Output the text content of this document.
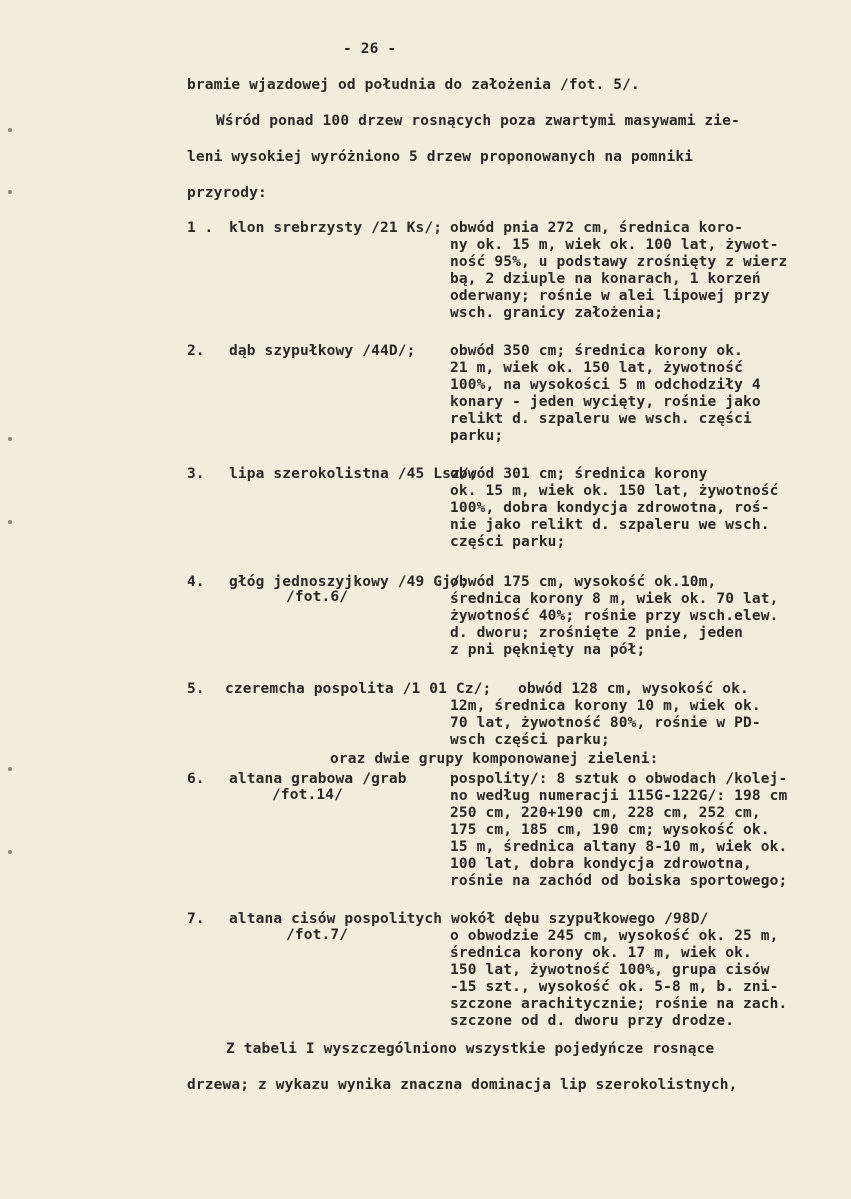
- 26 -
bramie wjazdowej od południa do założenia /fot. 5/.
Wśród ponad 100 drzew rosnących poza zwartymi masywami zie-
leni wysokiej wyróżniono 5 drzew proponowanych na pomniki
przyrody:
1 . klon srebrzysty /21 Ks/; obwód pnia 272 cm, średnica koro-
ny ok. 15 m, wiek ok. 100 lat, żywot-
ność 95%, u podstawy zrośnięty z wierz
bą, 2 dziuple na konarach, 1 korzeń
oderwany; rośnie w alei lipowej przy
wsch. granicy założenia;
2. dąb szypułkowy /44D/; obwód 350 cm; średnica korony ok.
21 m, wiek ok. 150 lat, żywotność
100%, na wysokości 5 m odchodziły 4
konary - jeden wycięty, rośnie jako
relikt d. szpaleru we wsch. części
parku;
3. lipa szerokolistna /45 Lsz/;
obwód 301 cm; średnica korony
ok. 15 m, wiek ok. 150 lat, żywotność
100%, dobra kondycja zdrowotna, roś-
nie jako relikt d. szpaleru we wsch.
części parku;
4. głóg jednoszyjkowy /49 Gj/;
/fot.6/
obwód 175 cm, wysokość ok.10m,
średnica korony 8 m, wiek ok. 70 lat,
żywotność 40%; rośnie przy wsch.elew.
d. dworu; zrośnięte 2 pnie, jeden
z pni pęknięty na pół;
5. czeremcha pospolita /1 01 Cz/; obwód 128 cm, wysokość ok.
12m, średnica korony 10 m, wiek ok.
70 lat, żywotność 80%, rośnie w PD-
wsch części parku;
oraz dwie grupy komponowanej zieleni:
6. altana grabowa /grab
/fot.14/
pospolity/: 8 sztuk o obwodach /kolej-
no według numeracji 115G-122G/: 198 cm
250 cm, 220+190 cm, 228 cm, 252 cm,
175 cm, 185 cm, 190 cm; wysokość ok.
15 m, średnica altany 8-10 m, wiek ok.
100 lat, dobra kondycja zdrowotna,
rośnie na zachód od boiska sportowego;
7. altana cisów pospolitych wokół dębu szypułkowego /98D/
/fot.7/	o obwodzie 245 cm, wysokość ok. 25 m,
średnica korony ok. 17 m, wiek ok.
150 lat, żywotność 100%, grupa cisów
-15 szt., wysokość ok. 5-8 m, b. zni-
szczone arachitycznie; rośnie na zach.
szczone od d. dworu przy drodze.
Z tabeli I wyszczególniono wszystkie pojedyńcze rosnące
drzewa; z wykazu wynika znaczna dominacja lip szerokolistnych,
